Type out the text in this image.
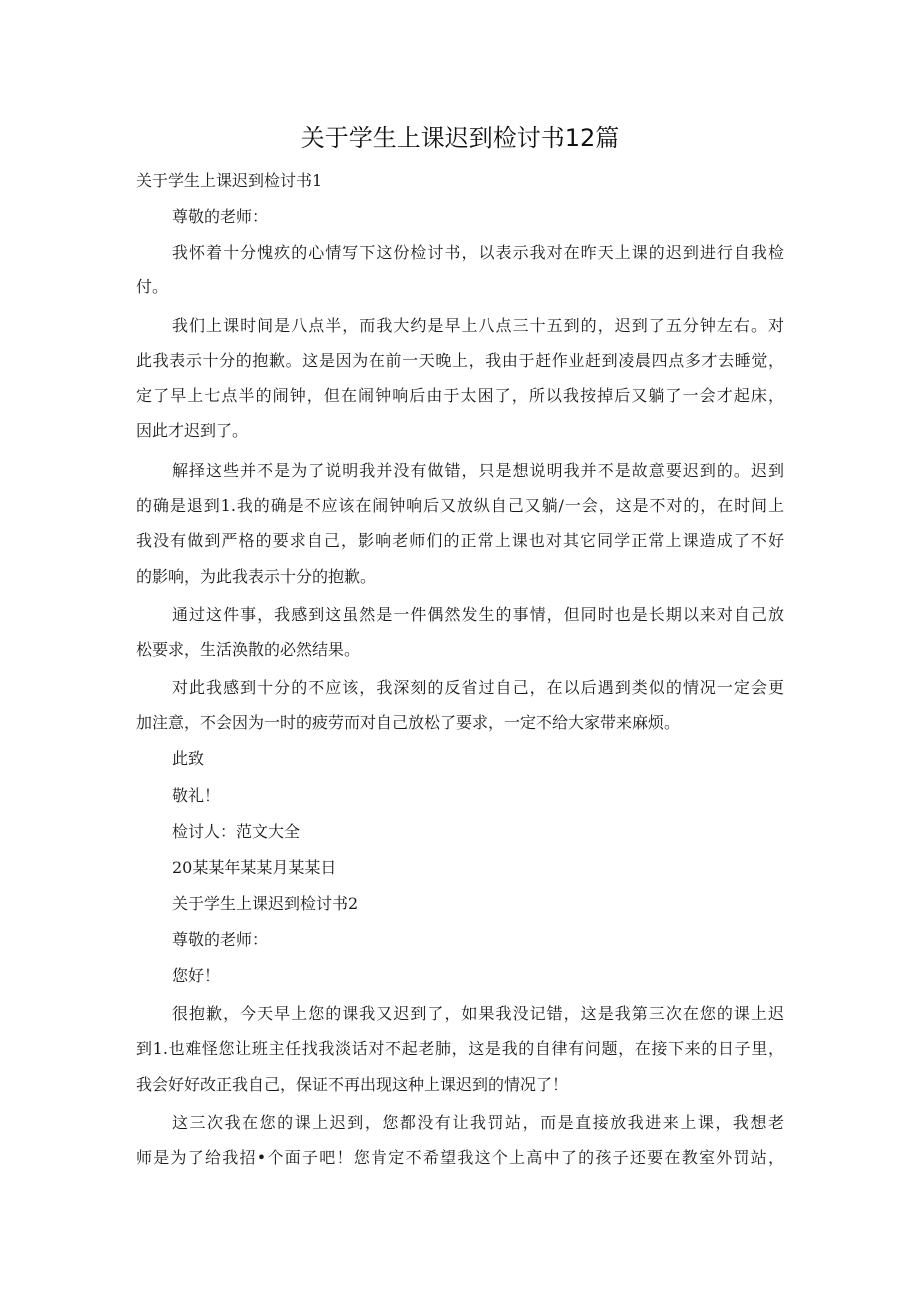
关于学生上课迟到检讨书12篇
关于学生上课迟到检讨书1
尊敬的老师：
我怀着十分愧疚的心情写下这份检讨书，以表示我对在昨天上课的迟到进行自我检
付。
我们上课时间是八点半，而我大约是早上八点三十五到的，迟到了五分钟左右。对
此我表示十分的抱歉。这是因为在前一天晚上，我由于赶作业赶到凌晨四点多才去睡觉，
定了早上七点半的闹钟，但在闹钟响后由于太困了，所以我按掉后又躺了一会才起床，
因此才迟到了。
解择这些并不是为了说明我并没有做错，只是想说明我并不是故意要迟到的。迟到
的确是退到1.我的确是不应该在闹钟响后又放纵自己又躺/一会，这是不对的，在时间上
我没有做到严格的要求自己，影响老师们的正常上课也对其它同学正常上课造成了不好
的影响，为此我表示十分的抱歉。
通过这件事，我感到这虽然是一件偶然发生的事情，但同时也是长期以来对自己放
松要求，生活涣散的必然结果。
对此我感到十分的不应该，我深刻的反省过自己，在以后遇到类似的情况一定会更
加注意，不会因为一时的疲劳而对自己放松了要求，一定不给大家带来麻烦。
此致
敬礼！
检讨人：范文大全
20某某年某某月某某日
关于学生上课迟到检讨书2
尊敬的老师：
您好！
很抱歉，今天早上您的课我又迟到了，如果我没记错，这是我第三次在您的课上迟
到1.也难怪您让班主任找我淡话对不起老肺，这是我的自律有问题，在接下来的日子里，
我会好好改正我自己，保证不再出现这种上课迟到的情况了！
这三次我在您的课上迟到，您都没有让我罚站，而是直接放我进来上课，我想老
师是为了给我招•个面子吧！您肯定不希望我这个上高中了的孩子还要在教室外罚站，
